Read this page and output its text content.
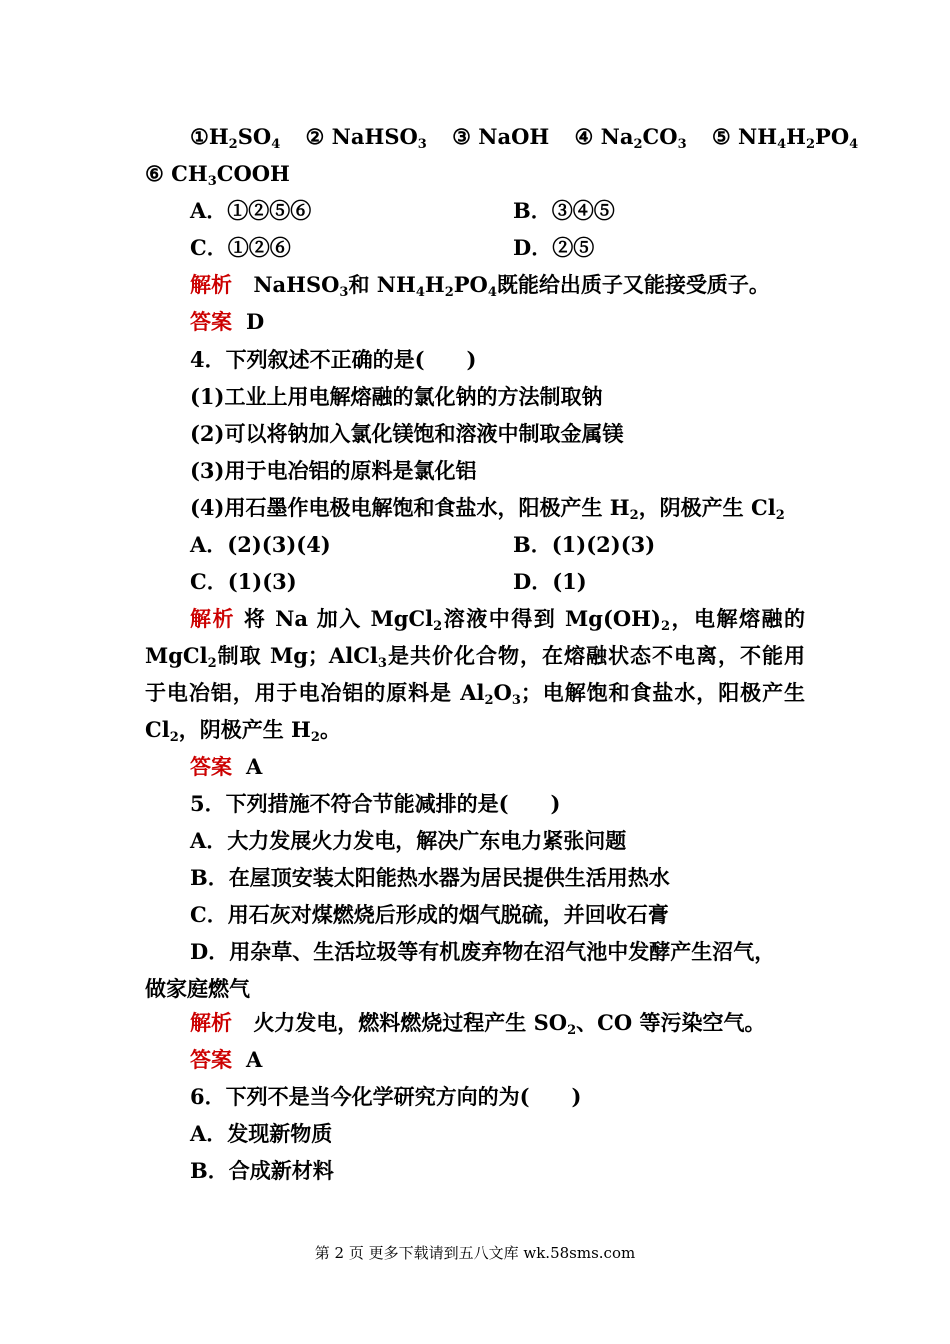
$①H_2SO_4$ ② NaHSO$_3$ ③ NaOH ④ $Na_2CO_3$ ⑤ $NH_4H_2PO_4$
⑥ $CH_3COOH$
A．①②⑤⑥	B．③④⑤
C．①②⑥	D．②⑤
解析 NaHSO$_3$和 $NH_4H_2PO_4$既能给出质子又能接受质子。
答案 D
4．下列叙述不正确的是(　　)
(1)工业上用电解熔融的氯化钠的方法制取钠
(2)可以将钠加入氯化镁饱和溶液中制取金属镁
(3)用于电冶铝的原料是氯化铝
(4)用石墨作电极电解饱和食盐水，阳极产生 $H_2$，阴极产生 $Cl_2$
A．(2)(3)(4)	B．(1)(2)(3)
C．(1)(3)	D．(1)
解析 将 Na 加入 MgCl$_2$溶液中得到 $Mg(OH)_2$，电解熔融的
MgCl$_2$制取 Mg；AlCl$_3$是共价化合物，在熔融状态不电离，不能用
于电冶铝，用于电冶铝的原料是 $Al_2O_3$；电解饱和食盐水，阳极产生
$Cl_2$，阴极产生 $H_2$。
答案 A
5．下列措施不符合节能减排的是(　　)
A．大力发展火力发电，解决广东电力紧张问题
B．在屋顶安装太阳能热水器为居民提供生活用热水
C．用石灰对煤燃烧后形成的烟气脱硫，并回收石膏
D．用杂草、生活垃圾等有机废弃物在沼气池中发酵产生沼气，
做家庭燃气
解析 火力发电，燃料燃烧过程产生 $SO_2$、CO 等污染空气。
答案 A
6．下列不是当今化学研究方向的为(　　)
A．发现新物质
B．合成新材料
第 2 页 更多下载请到五八文库 wk.58sms.com
